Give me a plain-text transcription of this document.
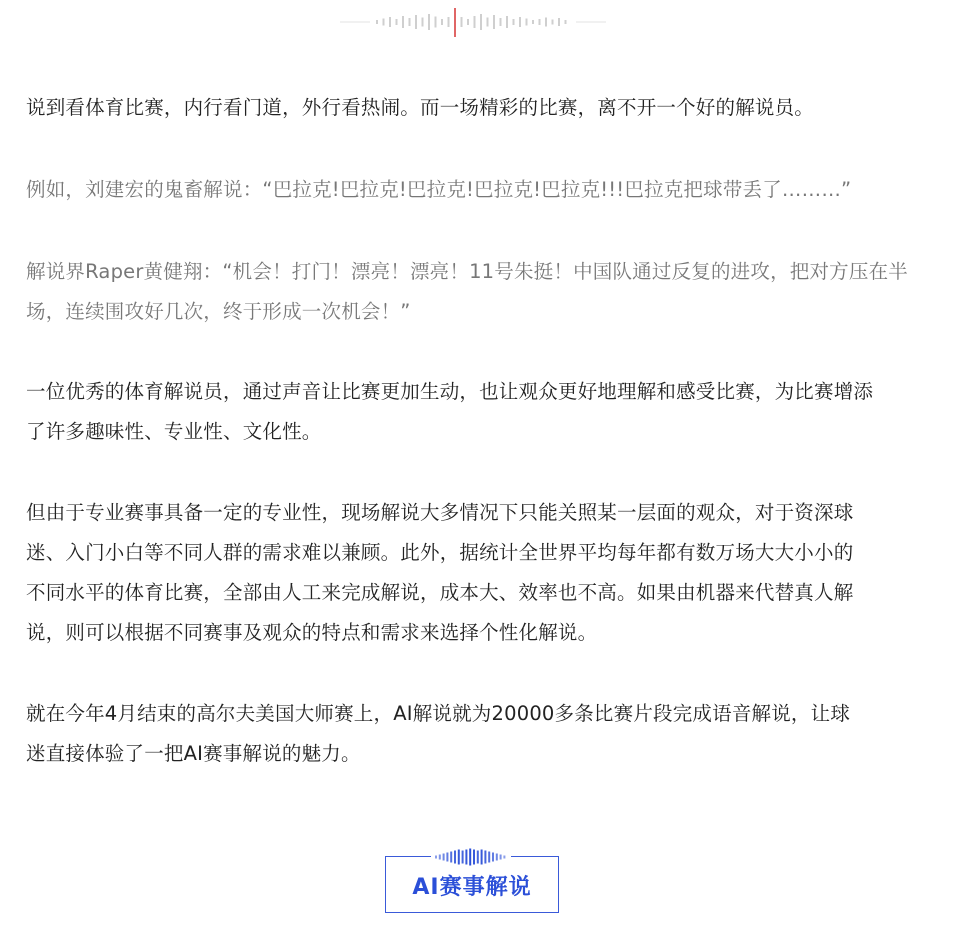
说到看体育比赛，内行看门道，外行看热闹。而一场精彩的比赛，离不开一个好的解说员。

例如，刘建宏的鬼畜解说：“巴拉克!巴拉克!巴拉克!巴拉克!巴拉克!!!巴拉克把球带丢了………”

解说界Raper黄健翔：“机会！打门！漂亮！漂亮！11号朱挺！中国队通过反复的进攻，把对方压在半
场，连续围攻好几次，终于形成一次机会！”

一位优秀的体育解说员，通过声音让比赛更加生动，也让观众更好地理解和感受比赛，为比赛增添
了许多趣味性、专业性、文化性。

但由于专业赛事具备一定的专业性，现场解说大多情况下只能关照某一层面的观众，对于资深球
迷、入门小白等不同人群的需求难以兼顾。此外，据统计全世界平均每年都有数万场大大小小的
不同水平的体育比赛，全部由人工来完成解说，成本大、效率也不高。如果由机器来代替真人解
说，则可以根据不同赛事及观众的特点和需求来选择个性化解说。

就在今年4月结束的高尔夫美国大师赛上，AI解说就为20000多条比赛片段完成语音解说，让球
迷直接体验了一把AI赛事解说的魅力。

AI赛事解说
